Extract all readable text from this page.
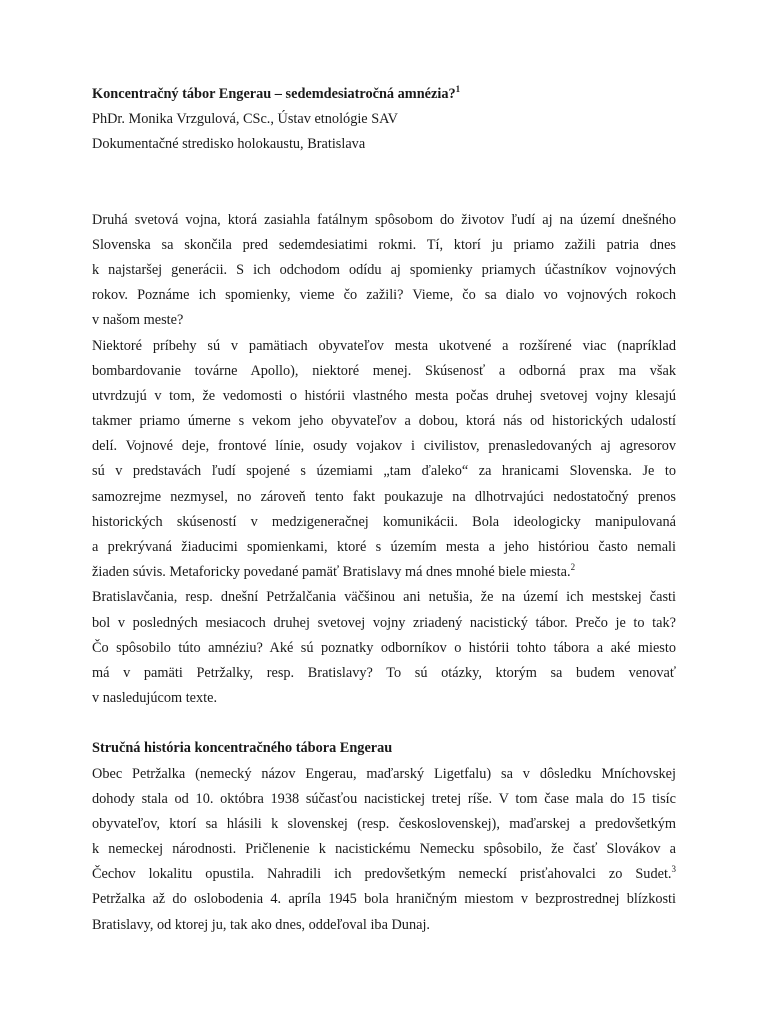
Koncentračný tábor Engerau – sedemdesiatročná amnézia?$^1$
PhDr. Monika Vrzgulová, CSc., Ústav etnológie SAV
Dokumentačné stredisko holokaustu, Bratislava
Druhá svetová vojna, ktorá zasiahla fatálnym spôsobom do životov ľudí aj na území dnešného
Slovenska sa skončila pred sedemdesiatimi rokmi. Tí, ktorí ju priamo zažili patria dnes
k najstaršej generácii. S ich odchodom odídu aj spomienky priamych účastníkov vojnových
rokov. Poznáme ich spomienky, vieme čo zažili? Vieme, čo sa dialo vo vojnových rokoch
v našom meste?
Niektoré príbehy sú v pamätiach obyvateľov mesta ukotvené a rozšírené viac (napríklad
bombardovanie továrne Apollo), niektoré menej. Skúsenosť a odborná prax ma však
utvrdzujú v tom, že vedomosti o histórii vlastného mesta počas druhej svetovej vojny klesajú
takmer priamo úmerne s vekom jeho obyvateľov a dobou, ktorá nás od historických udalostí
delí. Vojnové deje, frontové línie, osudy vojakov i civilistov, prenasledovaných aj agresorov
sú v predstavách ľudí spojené s územiami „tam ďaleko“ za hranicami Slovenska. Je to
samozrejme nezmysel, no zároveň tento fakt poukazuje na dlhotrvajúci nedostatočný prenos
historických skúseností v medzigeneračnej komunikácii. Bola ideologicky manipulovaná
a prekrývaná žiaducimi spomienkami, ktoré s územím mesta a jeho históriou často nemali
žiaden súvis. Metaforicky povedané pamäť Bratislavy má dnes mnohé biele miesta.$^2$
Bratislavčania, resp. dnešní Petržalčania väčšinou ani netušia, že na území ich mestskej časti
bol v posledných mesiacoch druhej svetovej vojny zriadený nacistický tábor. Prečo je to tak?
Čo spôsobilo túto amnéziu? Aké sú poznatky odborníkov o histórii tohto tábora a aké miesto
má v pamäti Petržalky, resp. Bratislavy? To sú otázky, ktorým sa budem venovať
v nasledujúcom texte.
Stručná história koncentračného tábora Engerau
Obec Petržalka (nemecký názov Engerau, maďarský Ligetfalu) sa v dôsledku Mníchovskej
dohody stala od 10. októbra 1938 súčasťou nacistickej tretej ríše. V tom čase mala do 15 tisíc
obyvateľov, ktorí sa hlásili k slovenskej (resp. československej), maďarskej a predovšetkým
k nemeckej národnosti. Pričlenenie k nacistickému Nemecku spôsobilo, že časť Slovákov a
Čechov lokalitu opustila. Nahradili ich predovšetkým nemeckí prisťahovalci zo Sudet.$^3$
Petržalka až do oslobodenia 4. apríla 1945 bola hraničným miestom v bezprostrednej blízkosti
Bratislavy, od ktorej ju, tak ako dnes, oddeľoval iba Dunaj.
